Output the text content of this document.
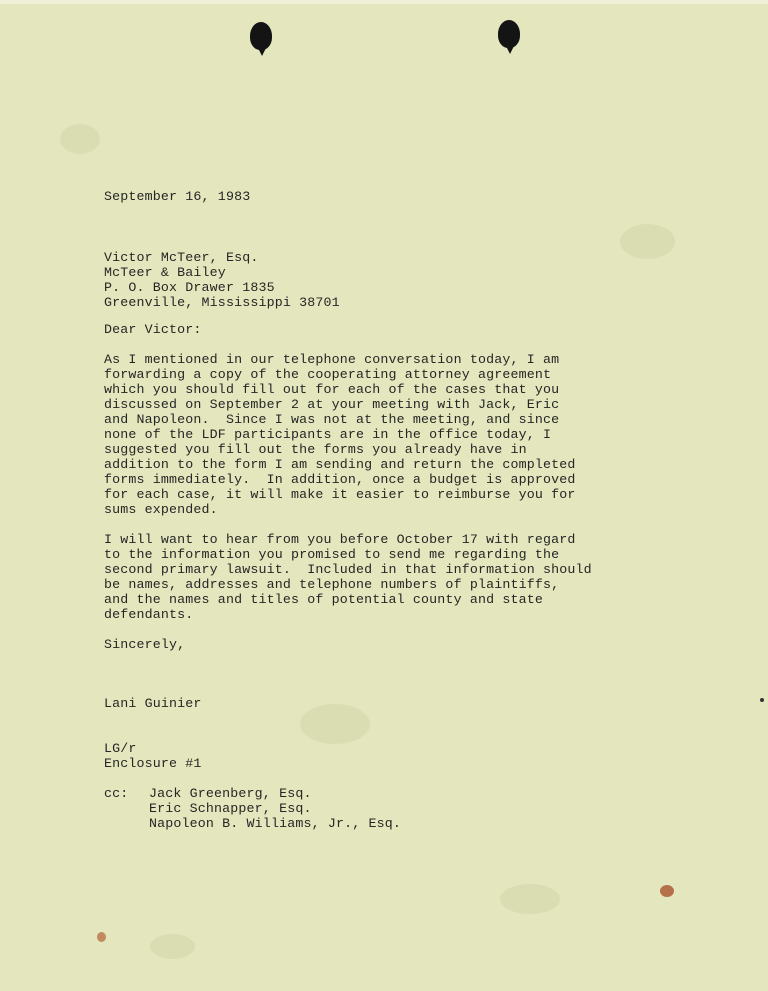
September 16, 1983
Victor McTeer, Esq.
McTeer & Bailey
P. O. Box Drawer 1835
Greenville, Mississippi 38701
Dear Victor:
As I mentioned in our telephone conversation today, I am
forwarding a copy of the cooperating attorney agreement
which you should fill out for each of the cases that you
discussed on September 2 at your meeting with Jack, Eric
and Napoleon.  Since I was not at the meeting, and since
none of the LDF participants are in the office today, I
suggested you fill out the forms you already have in
addition to the form I am sending and return the completed
forms immediately.  In addition, once a budget is approved
for each case, it will make it easier to reimburse you for
sums expended.
I will want to hear from you before October 17 with regard
to the information you promised to send me regarding the
second primary lawsuit.  Included in that information should
be names, addresses and telephone numbers of plaintiffs,
and the names and titles of potential county and state
defendants.
Sincerely,
Lani Guinier
LG/r
Enclosure #1
cc: Jack Greenberg, Esq.
Eric Schnapper, Esq.
Napoleon B. Williams, Jr., Esq.
